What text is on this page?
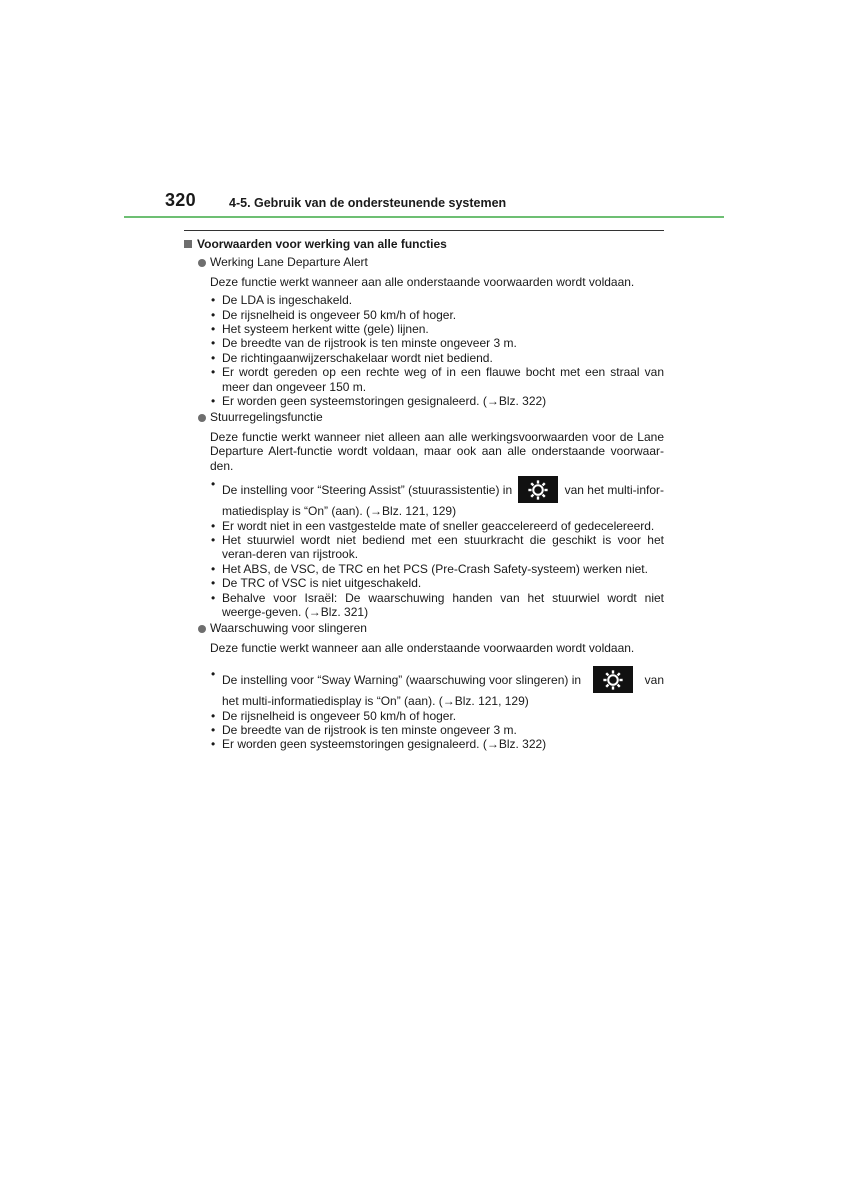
320	4-5. Gebruik van de ondersteunende systemen
Voorwaarden voor werking van alle functies
Werking Lane Departure Alert
Deze functie werkt wanneer aan alle onderstaande voorwaarden wordt voldaan.
• De LDA is ingeschakeld.
• De rijsnelheid is ongeveer 50 km/h of hoger.
• Het systeem herkent witte (gele) lijnen.
• De breedte van de rijstrook is ten minste ongeveer 3 m.
• De richtingaanwijzerschakelaar wordt niet bediend.
• Er wordt gereden op een rechte weg of in een flauwe bocht met een straal van meer dan ongeveer 150 m.
• Er worden geen systeemstoringen gesignaleerd. (→Blz. 322)
Stuurregelingsfunctie
Deze functie werkt wanneer niet alleen aan alle werkingsvoorwaarden voor de Lane Departure Alert-functie wordt voldaan, maar ook aan alle onderstaande voorwaar-den.
• De instelling voor “Steering Assist” (stuurassistentie) in	van het multi-infor-
matiedisplay is “On” (aan). (→Blz. 121, 129)
• Er wordt niet in een vastgestelde mate of sneller geaccelereerd of gedecelereerd.
• Het stuurwiel wordt niet bediend met een stuurkracht die geschikt is voor het veran-deren van rijstrook.
• Het ABS, de VSC, de TRC en het PCS (Pre-Crash Safety-systeem) werken niet.
• De TRC of VSC is niet uitgeschakeld.
• Behalve voor Israël: De waarschuwing handen van het stuurwiel wordt niet weerge-geven. (→Blz. 321)
Waarschuwing voor slingeren
Deze functie werkt wanneer aan alle onderstaande voorwaarden wordt voldaan.
• De instelling voor “Sway Warning” (waarschuwing voor slingeren) in	van
het multi-informatiedisplay is “On” (aan). (→Blz. 121, 129)
• De rijsnelheid is ongeveer 50 km/h of hoger.
• De breedte van de rijstrook is ten minste ongeveer 3 m.
• Er worden geen systeemstoringen gesignaleerd. (→Blz. 322)
